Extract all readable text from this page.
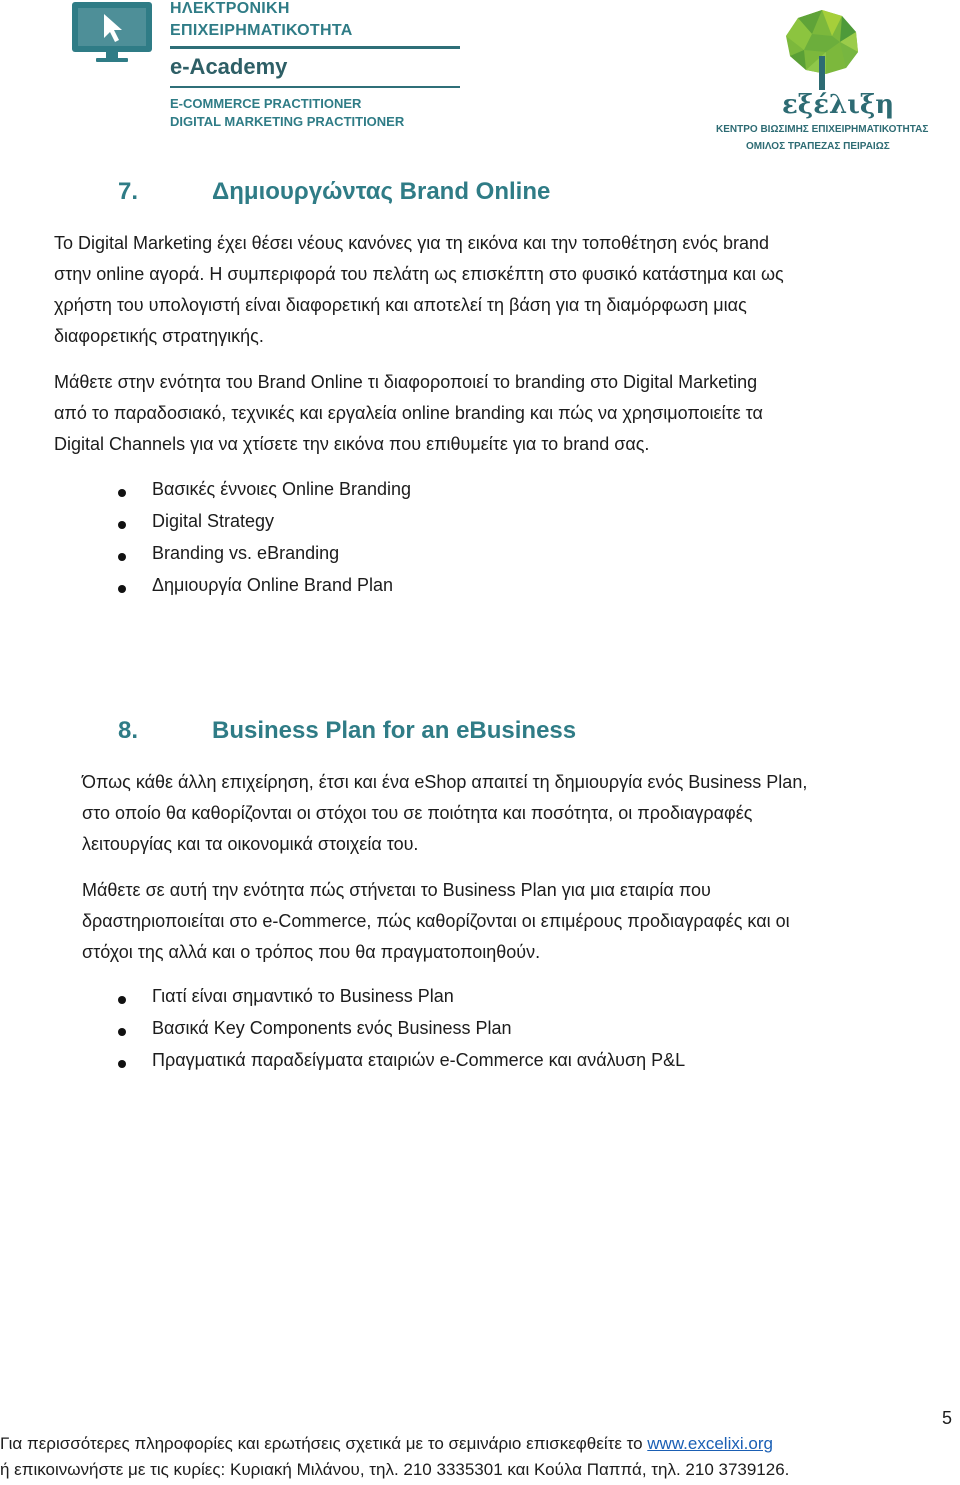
ΗΛΕΚΤΡΟΝΙΚΗ
ΕΠΙΧΕΙΡΗΜΑΤΙΚΟΤΗΤΑ
e-Academy
E-COMMERCE PRACTITIONER
DIGITAL MARKETING PRACTITIONER
εξέλιξη
ΚΕΝΤΡΟ ΒΙΩΣΙΜΗΣ ΕΠΙΧΕΙΡΗΜΑΤΙΚΟΤΗΤΑΣ
ΟΜΙΛΟΣ ΤΡΑΠΕΖΑΣ ΠΕΙΡΑΙΩΣ
7.	Δημιουργώντας Brand Online
Το Digital Marketing έχει θέσει νέους κανόνες για τη εικόνα και την τοποθέτηση ενός brand
στην online αγορά. Η συμπεριφορά του πελάτη ως επισκέπτη στο φυσικό κατάστημα και ως
χρήστη του υπολογιστή είναι διαφορετική και αποτελεί τη βάση για τη διαμόρφωση μιας
διαφορετικής στρατηγικής.
Μάθετε στην ενότητα του Brand Online τι διαφοροποιεί το branding στο Digital Marketing
από το παραδοσιακό, τεχνικές και εργαλεία online branding και πώς να χρησιμοποιείτε τα
Digital Channels για να χτίσετε την εικόνα που επιθυμείτε για το brand σας.
Βασικές έννοιες Online Branding
Digital Strategy
Branding vs. eBranding
Δημιουργία Online Brand Plan
8.	Business Plan for an eBusiness
Όπως κάθε άλλη επιχείρηση, έτσι και ένα eShop απαιτεί τη δημιουργία ενός Business Plan,
στο οποίο θα καθορίζονται οι στόχοι του σε ποιότητα και ποσότητα, οι προδιαγραφές
λειτουργίας και τα οικονομικά στοιχεία του.
Μάθετε σε αυτή την ενότητα πώς στήνεται το Business Plan για μια εταιρία που
δραστηριοποιείται στο e-Commerce, πώς καθορίζονται οι επιμέρους προδιαγραφές και οι
στόχοι της αλλά και ο τρόπος που θα πραγματοποιηθούν.
Γιατί είναι σημαντικό το Business Plan
Βασικά Key Components ενός Business Plan
Πραγματικά παραδείγματα εταιριών e-Commerce και ανάλυση P&L
5
Για περισσότερες πληροφορίες και ερωτήσεις σχετικά με το σεμινάριο επισκεφθείτε το www.excelixi.org
ή επικοινωνήστε με τις κυρίες: Κυριακή Μιλάνου, τηλ. 210 3335301 και Κούλα Παππά, τηλ. 210 3739126.
